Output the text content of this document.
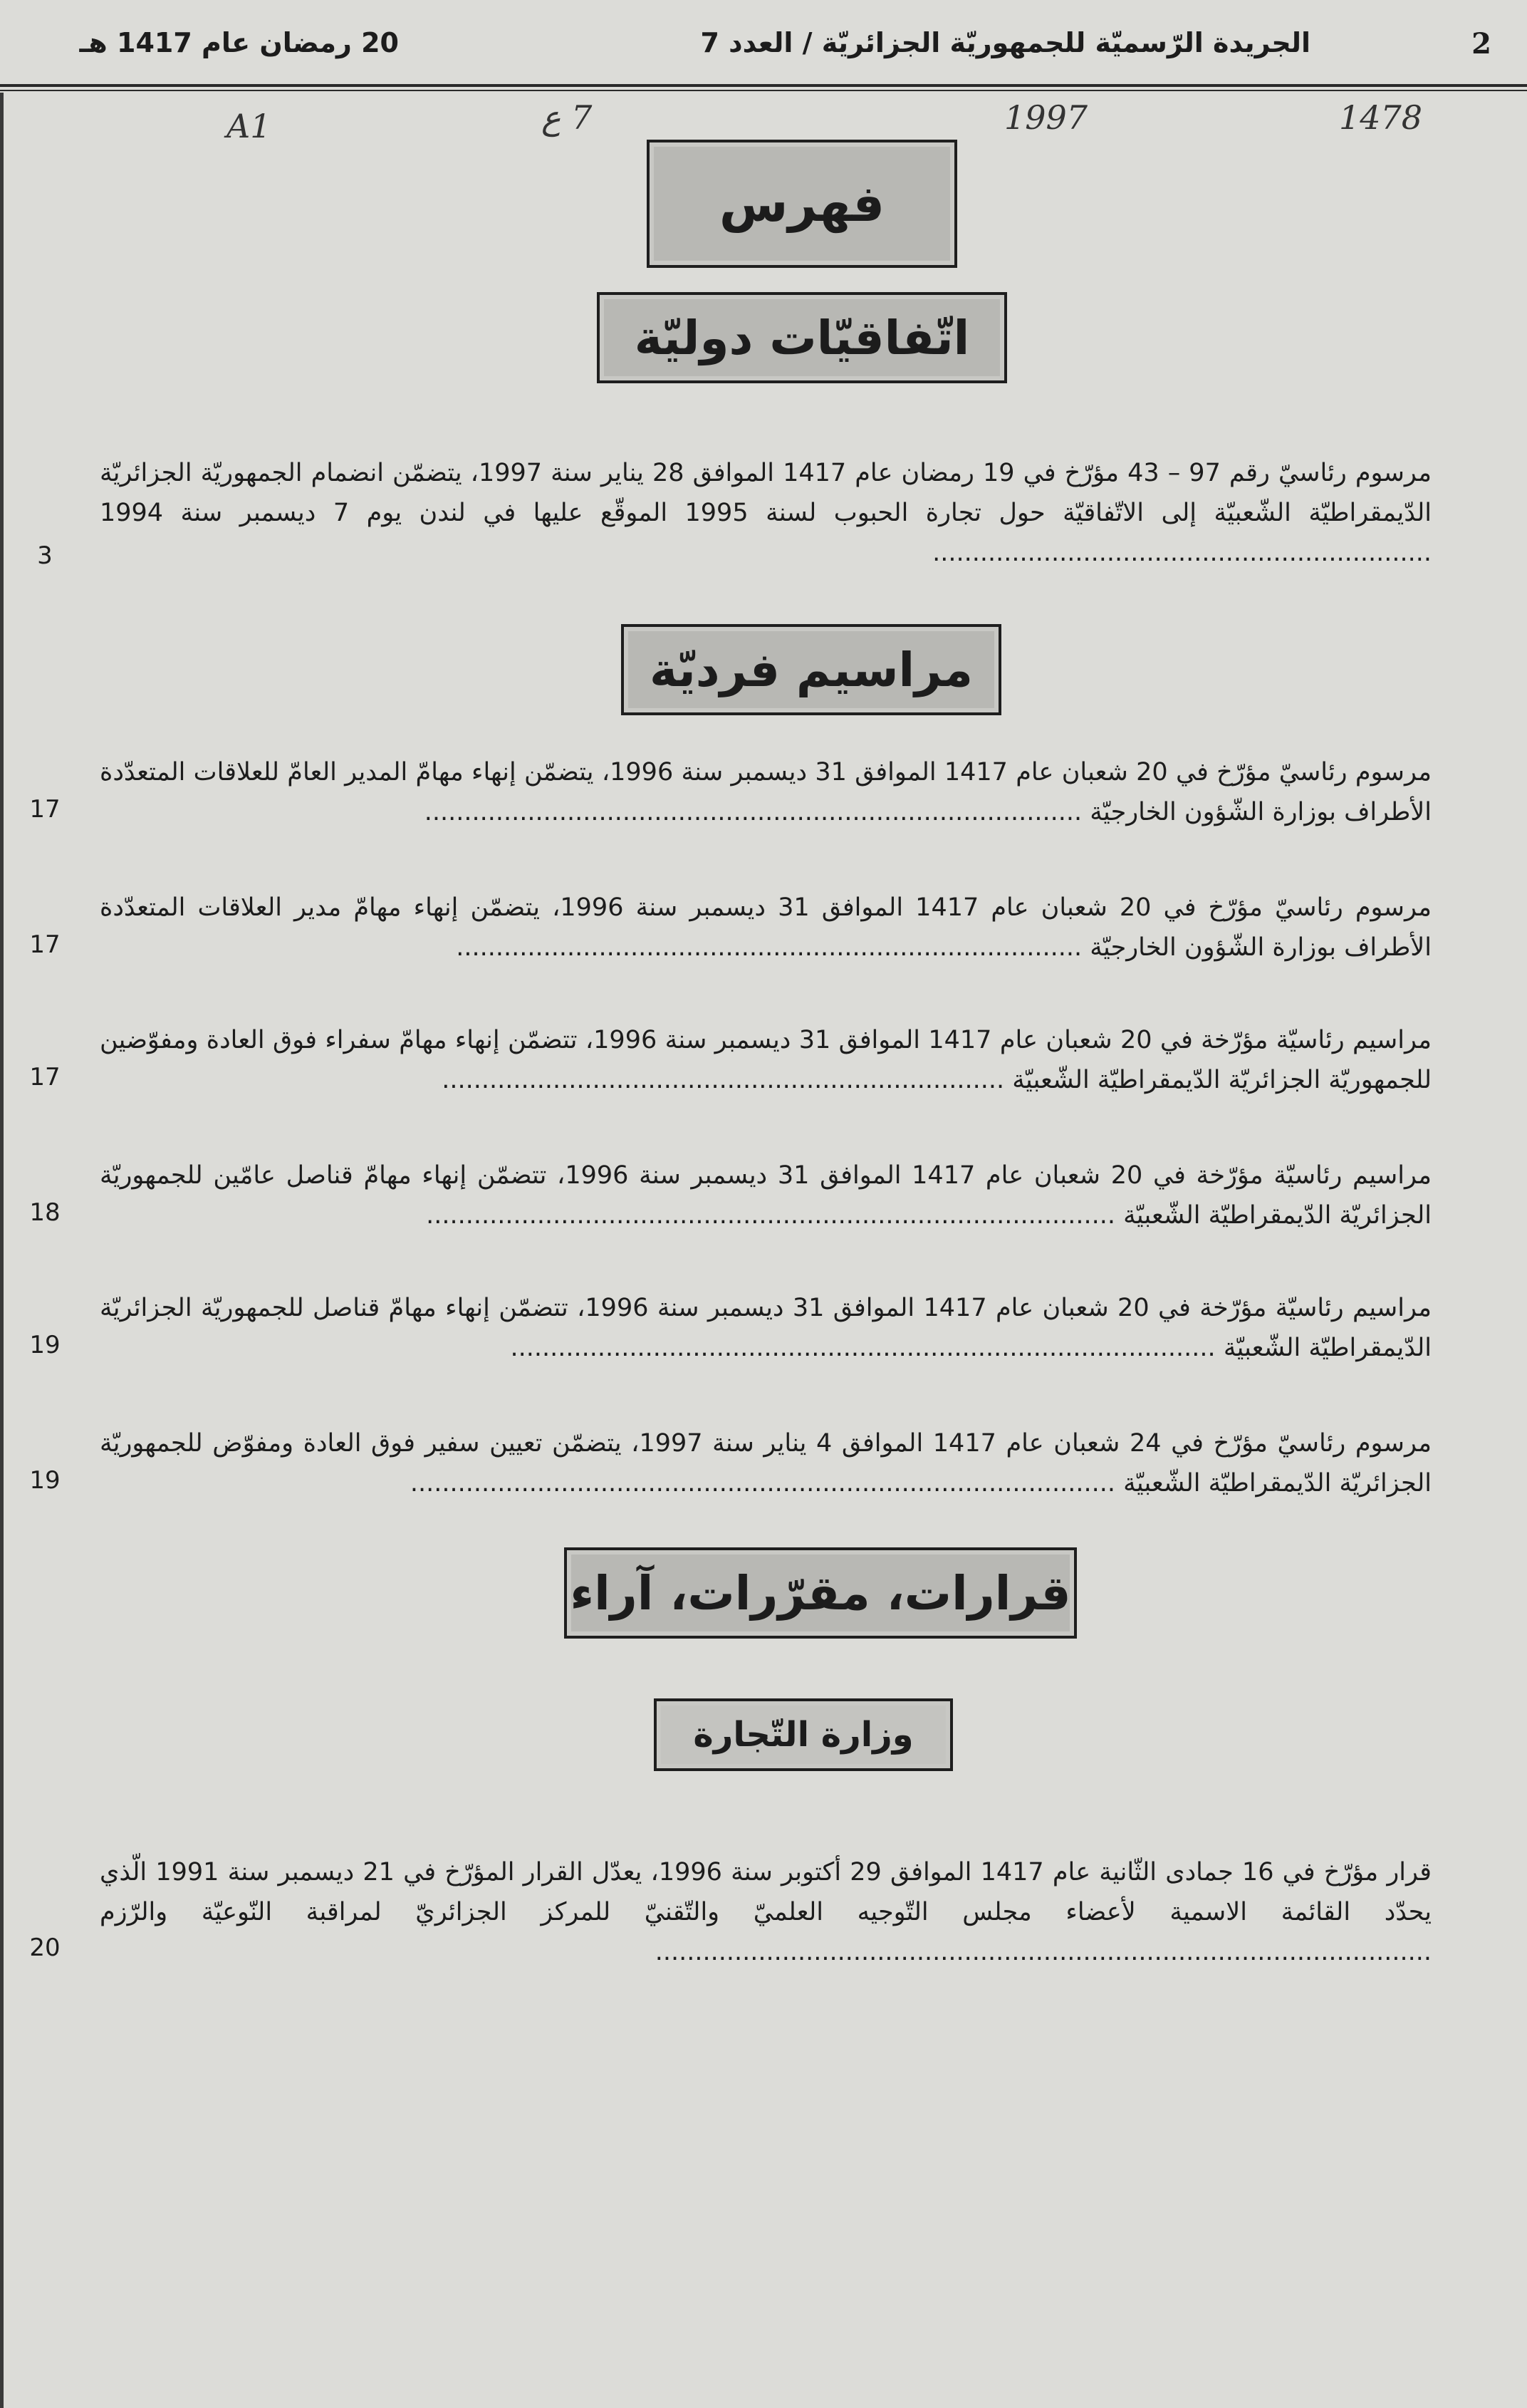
2
الجريدة الرّسميّة للجمهوريّة الجزائريّة / العدد 7
20 رمضان عام 1417 هـ
1478
1997
7 ع
A1
فهرس
اتّفاقيّات دوليّة
مرسوم رئاسيّ رقم 97 – 43 مؤرّخ في 19 رمضان عام 1417 الموافق 28 يناير سنة 1997، يتضمّن انضمام الجمهوريّة الجزائريّة الدّيمقراطيّة الشّعبيّة إلى الاتّفاقيّة حول تجارة الحبوب لسنة 1995 الموقّع عليها في لندن يوم 7 ديسمبر سنة 1994 ...............................................................
3
مراسيم فرديّة
مرسوم رئاسيّ مؤرّخ في 20 شعبان عام 1417 الموافق 31 ديسمبر سنة 1996، يتضمّن إنهاء مهامّ المدير العامّ للعلاقات المتعدّدة الأطراف بوزارة الشّؤون الخارجيّة ...................................................................................
17
مرسوم رئاسيّ مؤرّخ في 20 شعبان عام 1417 الموافق 31 ديسمبر سنة 1996، يتضمّن إنهاء مهامّ مدير العلاقات المتعدّدة الأطراف بوزارة الشّؤون الخارجيّة ...............................................................................
17
مراسيم رئاسيّة مؤرّخة في 20 شعبان عام 1417 الموافق 31 ديسمبر سنة 1996، تتضمّن إنهاء مهامّ سفراء فوق العادة ومفوّضين للجمهوريّة الجزائريّة الدّيمقراطيّة الشّعبيّة .......................................................................
17
مراسيم رئاسيّة مؤرّخة في 20 شعبان عام 1417 الموافق 31 ديسمبر سنة 1996، تتضمّن إنهاء مهامّ قناصل عامّين للجمهوريّة الجزائريّة الدّيمقراطيّة الشّعبيّة .......................................................................................
18
مراسيم رئاسيّة مؤرّخة في 20 شعبان عام 1417 الموافق 31 ديسمبر سنة 1996، تتضمّن إنهاء مهامّ قناصل للجمهوريّة الجزائريّة الدّيمقراطيّة الشّعبيّة .........................................................................................
19
مرسوم رئاسيّ مؤرّخ في 24 شعبان عام 1417 الموافق 4 يناير سنة 1997، يتضمّن تعيين سفير فوق العادة ومفوّض للجمهوريّة الجزائريّة الدّيمقراطيّة الشّعبيّة .........................................................................................
19
قرارات، مقرّرات، آراء
وزارة التّجارة
قرار مؤرّخ في 16 جمادى الثّانية عام 1417 الموافق 29 أكتوبر سنة 1996، يعدّل القرار المؤرّخ في 21 ديسمبر سنة 1991 الّذي يحدّد القائمة الاسمية لأعضاء مجلس التّوجيه العلميّ والتّقنيّ للمركز الجزائريّ لمراقبة النّوعيّة والرّزم ..................................................................................................
20
